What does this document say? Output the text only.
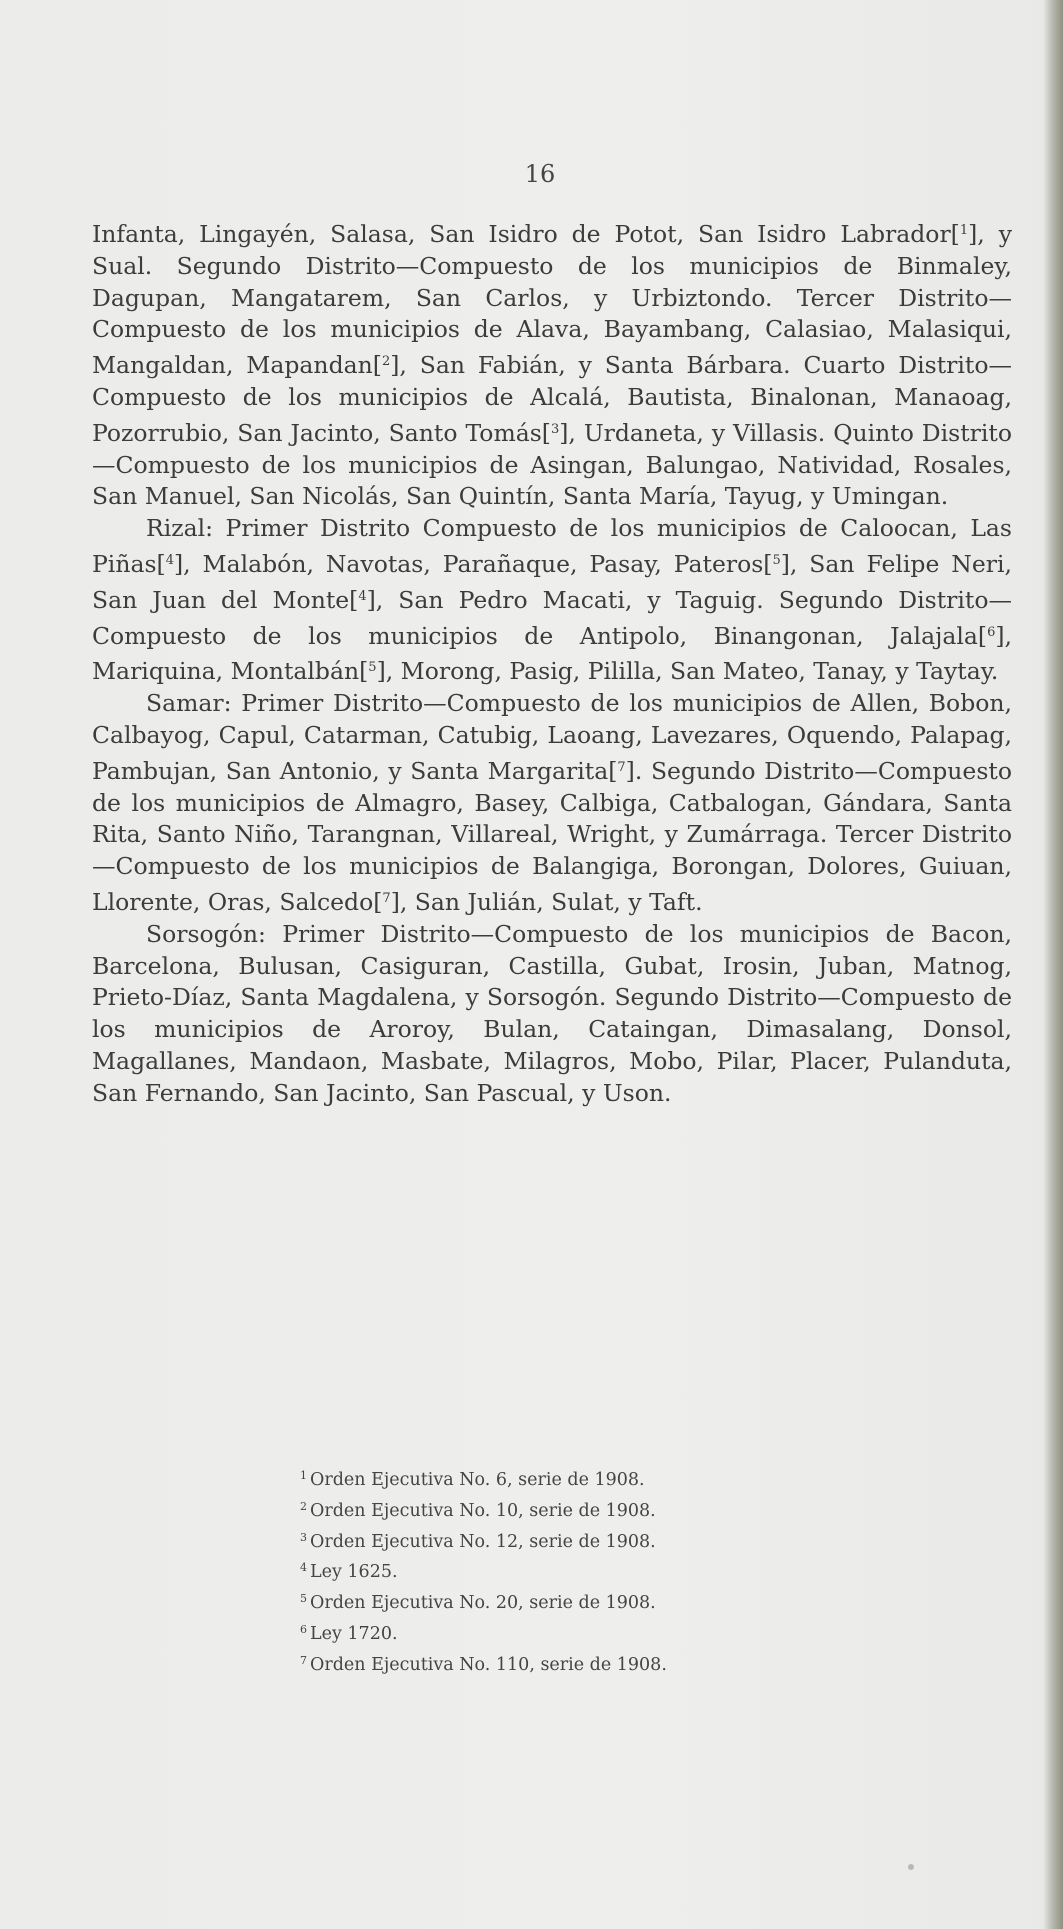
16

Infanta, Lingayén, Salasa, San Isidro de Potot, San Isidro Labrador[$^1$], y Sual. Segundo Distrito—Compuesto de los municipios de Binmaley, Dagupan, Mangatarem, San Carlos, y Urbiztondo. Tercer Distrito—Compuesto de los municipios de Alava, Bayambang, Calasiao, Malasiqui, Mangaldan, Mapandan[$^2$], San Fabián, y Santa Bárbara. Cuarto Distrito—Compuesto de los municipios de Alcalá, Bautista, Binalonan, Manaoag, Pozorrubio, San Jacinto, Santo Tomás[$^3$], Urdaneta, y Villasis. Quinto Distrito—Compuesto de los municipios de Asingan, Balungao, Natividad, Rosales, San Manuel, San Nicolás, San Quintín, Santa María, Tayug, y Umingan.

Rizal: Primer Distrito Compuesto de los municipios de Caloocan, Las Piñas[$^4$], Malabón, Navotas, Parañaque, Pasay, Pateros[$^5$], San Felipe Neri, San Juan del Monte[$^4$], San Pedro Macati, y Taguig. Segundo Distrito—Compuesto de los municipios de Antipolo, Binangonan, Jalajala[$^6$], Mariquina, Montalbán[$^5$], Morong, Pasig, Pililla, San Mateo, Tanay, y Taytay.

Samar: Primer Distrito—Compuesto de los municipios de Allen, Bobon, Calbayog, Capul, Catarman, Catubig, Laoang, Lavezares, Oquendo, Palapag, Pambujan, San Antonio, y Santa Margarita[$^7$]. Segundo Distrito—Compuesto de los municipios de Almagro, Basey, Calbiga, Catbalogan, Gándara, Santa Rita, Santo Niño, Tarangnan, Villareal, Wright, y Zumárraga. Tercer Distrito—Compuesto de los municipios de Balangiga, Borongan, Dolores, Guiuan, Llorente, Oras, Salcedo[$^7$], San Julián, Sulat, y Taft.

Sorsogón: Primer Distrito—Compuesto de los municipios de Bacon, Barcelona, Bulusan, Casiguran, Castilla, Gubat, Irosin, Juban, Matnog, Prieto-Díaz, Santa Magdalena, y Sorsogón. Segundo Distrito—Compuesto de los municipios de Aroroy, Bulan, Cataingan, Dimasalang, Donsol, Magallanes, Mandaon, Masbate, Milagros, Mobo, Pilar, Placer, Pulanduta, San Fernando, San Jacinto, San Pascual, y Uson.

$^1$ Orden Ejecutiva No. 6, serie de 1908.
$^2$ Orden Ejecutiva No. 10, serie de 1908.
$^3$ Orden Ejecutiva No. 12, serie de 1908.
$^4$ Ley 1625.
$^5$ Orden Ejecutiva No. 20, serie de 1908.
$^6$ Ley 1720.
$^7$ Orden Ejecutiva No. 110, serie de 1908.
